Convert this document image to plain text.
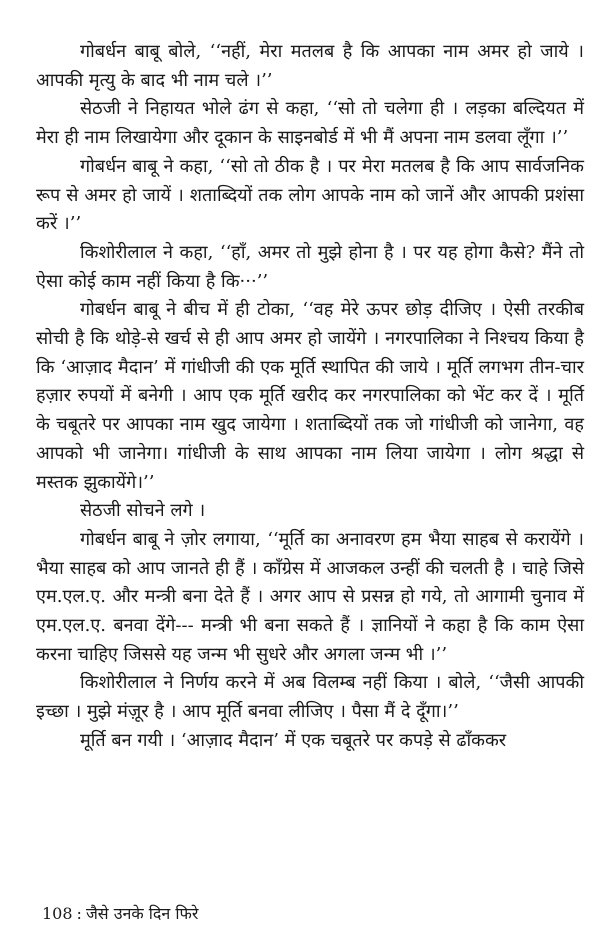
गोबर्धन बाबू बोले, ‘‘नहीं, मेरा मतलब है कि आपका नाम अमर हो जाये । आपकी मृत्यु के बाद भी नाम चले ।’’

सेठजी ने निहायत भोले ढंग से कहा, ‘‘सो तो चलेगा ही । लड़का बल्दियत में मेरा ही नाम लिखायेगा और दूकान के साइनबोर्ड में भी मैं अपना नाम डलवा लूँगा ।’’

गोबर्धन बाबू ने कहा, ‘‘सो तो ठीक है । पर मेरा मतलब है कि आप सार्वजनिक रूप से अमर हो जायें । शताब्दियों तक लोग आपके नाम को जानें और आपकी प्रशंसा करें ।’’

किशोरीलाल ने कहा, ‘‘हाँ, अमर तो मुझे होना है । पर यह होगा कैसे? मैंने तो ऐसा कोई काम नहीं किया है कि···’’

गोबर्धन बाबू ने बीच में ही टोका, ‘‘वह मेरे ऊपर छोड़ दीजिए । ऐसी तरकीब सोची है कि थोड़े-से खर्च से ही आप अमर हो जायेंगे । नगरपालिका ने निश्चय किया है कि ‘आज़ाद मैदान’ में गांधीजी की एक मूर्ति स्थापित की जाये । मूर्ति लगभग तीन-चार हज़ार रुपयों में बनेगी । आप एक मूर्ति खरीद कर नगरपालिका को भेंट कर दें । मूर्ति के चबूतरे पर आपका नाम खुद जायेगा । शताब्दियों तक जो गांधीजी को जानेगा, वह आपको भी जानेगा। गांधीजी के साथ आपका नाम लिया जायेगा । लोग श्रद्धा से मस्तक झुकायेंगे।’’

सेठजी सोचने लगे ।

गोबर्धन बाबू ने ज़ोर लगाया, ‘‘मूर्ति का अनावरण हम भैया साहब से करायेंगे । भैया साहब को आप जानते ही हैं । काँग्रेस में आजकल उन्हीं की चलती है । चाहे जिसे एम.एल.ए. और मन्त्री बना देते हैं । अगर आप से प्रसन्न हो गये, तो आगामी चुनाव में एम.एल.ए. बनवा देंगे--- मन्त्री भी बना सकते हैं । ज्ञानियों ने कहा है कि काम ऐसा करना चाहिए जिससे यह जन्म भी सुधरे और अगला जन्म भी ।’’

किशोरीलाल ने निर्णय करने में अब विलम्ब नहीं किया । बोले, ‘‘जैसी आपकी इच्छा । मुझे मंज़ूर है । आप मूर्ति बनवा लीजिए । पैसा मैं दे दूँगा।’’

मूर्ति बन गयी । ‘आज़ाद मैदान’ में एक चबूतरे पर कपड़े से ढाँककर

108 : जैसे उनके दिन फिरे
